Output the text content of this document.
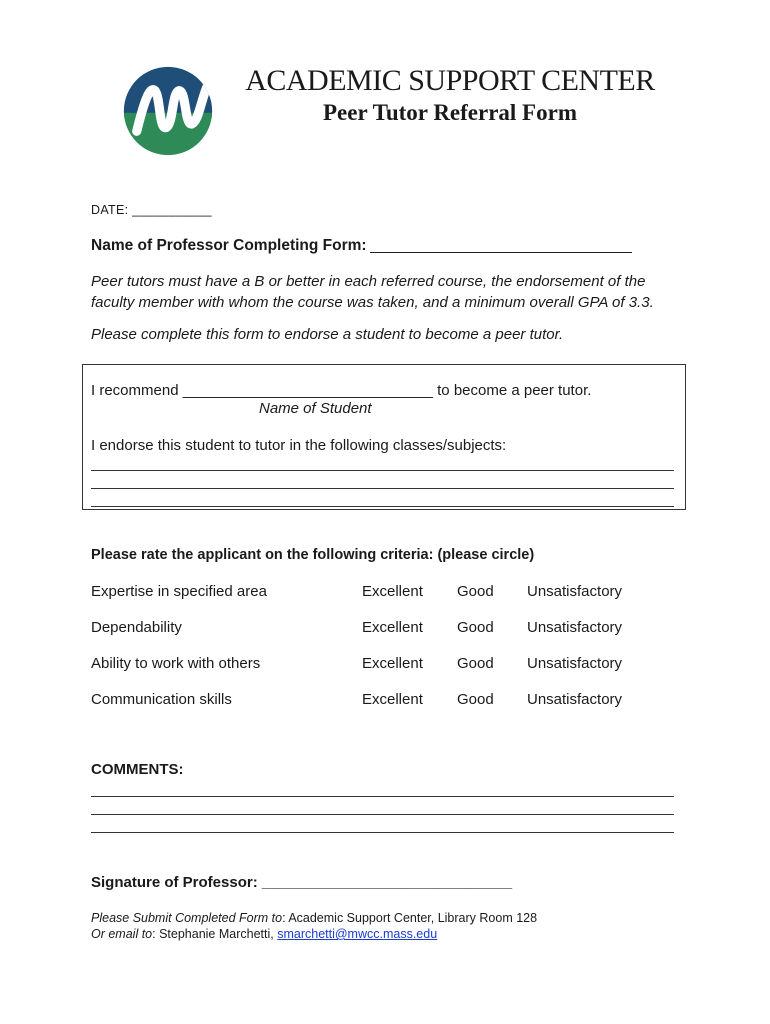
ACADEMIC SUPPORT CENTER
Peer Tutor Referral Form
DATE: ___________
Name of Professor Completing Form:
Peer tutors must have a B or better in each referred course, the endorsement of the faculty member with whom the course was taken, and a minimum overall GPA of 3.3.
Please complete this form to endorse a student to become a peer tutor.
I recommend ______________________________ to become a peer tutor.
Name of Student
I endorse this student to tutor in the following classes/subjects:
Please rate the applicant on the following criteria: (please circle)
Expertise in specified area	Excellent Good Unsatisfactory
Dependability	Excellent Good Unsatisfactory
Ability to work with others	Excellent Good Unsatisfactory
Communication skills	Excellent Good Unsatisfactory
COMMENTS:
Signature of Professor: ______________________________
Please Submit Completed Form to: Academic Support Center, Library Room 128
Or email to: Stephanie Marchetti, smarchetti@mwcc.mass.edu
